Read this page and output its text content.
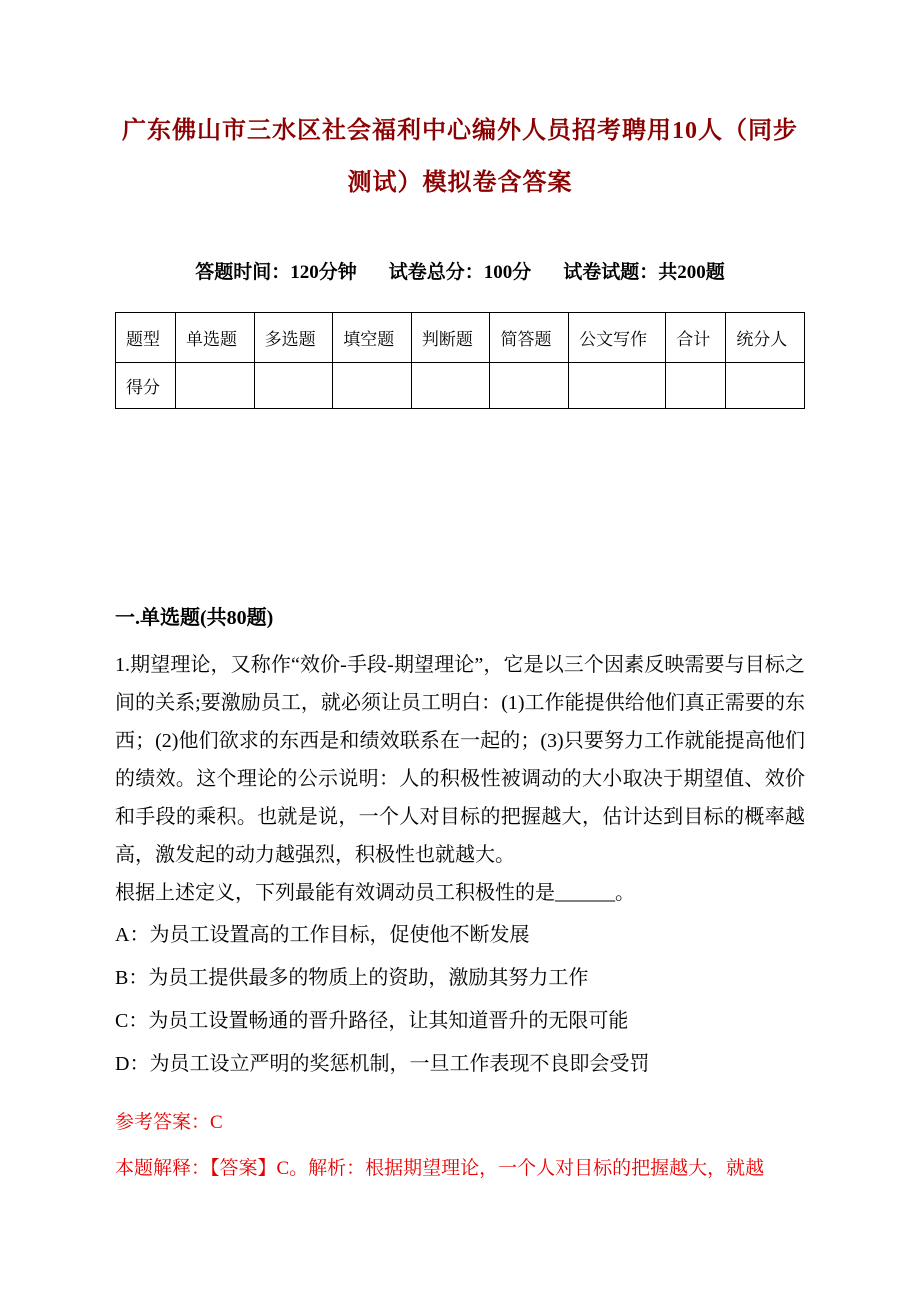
广东佛山市三水区社会福利中心编外人员招考聘用10人（同步测试）模拟卷含答案
答题时间：120分钟 试卷总分：100分 试卷试题：共200题
题型	单选题	多选题	填空题	判断题	简答题	公文写作	合计	统分人
得分								
一.单选题(共80题)

1.期望理论，又称作“效价-手段-期望理论”，它是以三个因素反映需要与目标之间的关系;要激励员工，就必须让员工明白：(1)工作能提供给他们真正需要的东西；(2)他们欲求的东西是和绩效联系在一起的；(3)只要努力工作就能提高他们的绩效。这个理论的公示说明：人的积极性被调动的大小取决于期望值、效价和手段的乘积。也就是说，一个人对目标的把握越大，估计达到目标的概率越高，激发起的动力越强烈，积极性也就越大。

根据上述定义，下列最能有效调动员工积极性的是______。

A：为员工设置高的工作目标，促使他不断发展

B：为员工提供最多的物质上的资助，激励其努力工作

C：为员工设置畅通的晋升路径，让其知道晋升的无限可能

D：为员工设立严明的奖惩机制，一旦工作表现不良即会受罚

参考答案：C

本题解释：【答案】C。解析：根据期望理论，一个人对目标的把握越大，就越
